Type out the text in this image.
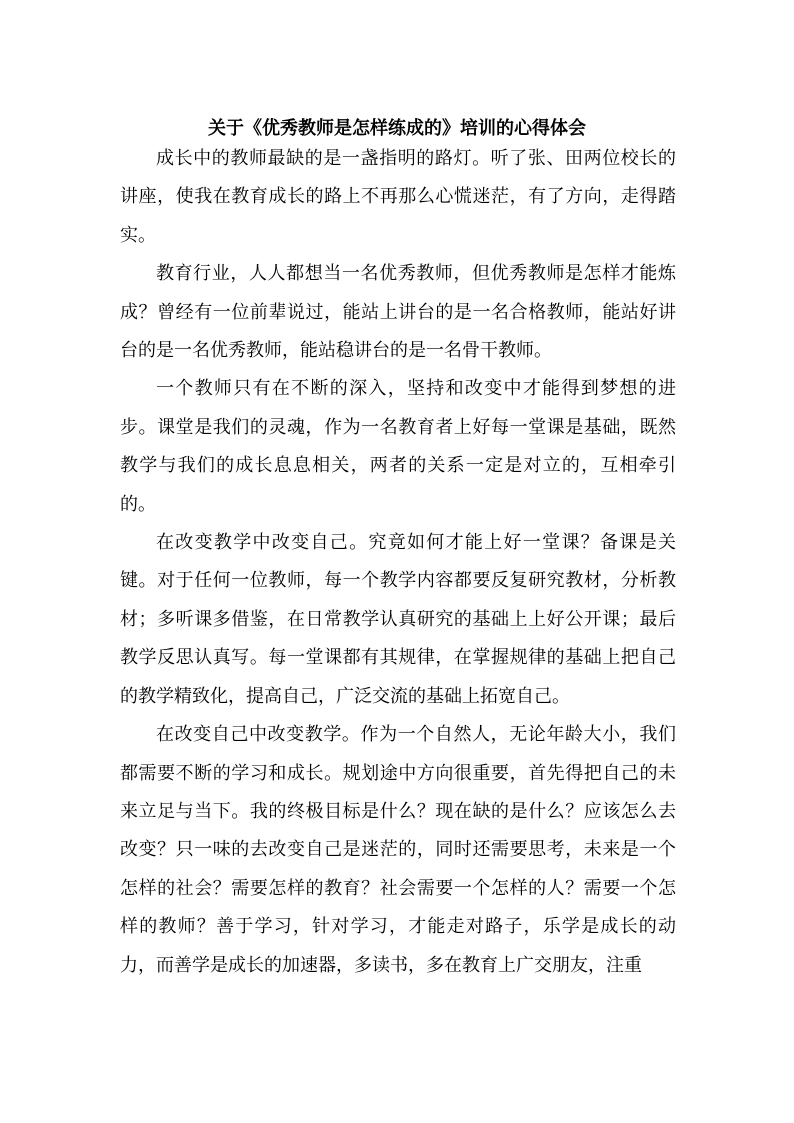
关于《优秀教师是怎样练成的》培训的心得体会

成长中的教师最缺的是一盏指明的路灯。听了张、田两位校长的讲座，使我在教育成长的路上不再那么心慌迷茫，有了方向，走得踏实。

教育行业，人人都想当一名优秀教师，但优秀教师是怎样才能炼成？曾经有一位前辈说过，能站上讲台的是一名合格教师，能站好讲台的是一名优秀教师，能站稳讲台的是一名骨干教师。

一个教师只有在不断的深入，坚持和改变中才能得到梦想的进步。课堂是我们的灵魂，作为一名教育者上好每一堂课是基础，既然教学与我们的成长息息相关，两者的关系一定是对立的，互相牵引的。

在改变教学中改变自己。究竟如何才能上好一堂课？备课是关键。对于任何一位教师，每一个教学内容都要反复研究教材，分析教材；多听课多借鉴，在日常教学认真研究的基础上上好公开课；最后教学反思认真写。每一堂课都有其规律，在掌握规律的基础上把自己的教学精致化，提高自己，广泛交流的基础上拓宽自己。

在改变自己中改变教学。作为一个自然人，无论年龄大小，我们都需要不断的学习和成长。规划途中方向很重要，首先得把自己的未来立足与当下。我的终极目标是什么？现在缺的是什么？应该怎么去改变？只一味的去改变自己是迷茫的，同时还需要思考，未来是一个怎样的社会？需要怎样的教育？社会需要一个怎样的人？需要一个怎样的教师？善于学习，针对学习，才能走对路子，乐学是成长的动力，而善学是成长的加速器，多读书，多在教育上广交朋友，注重
